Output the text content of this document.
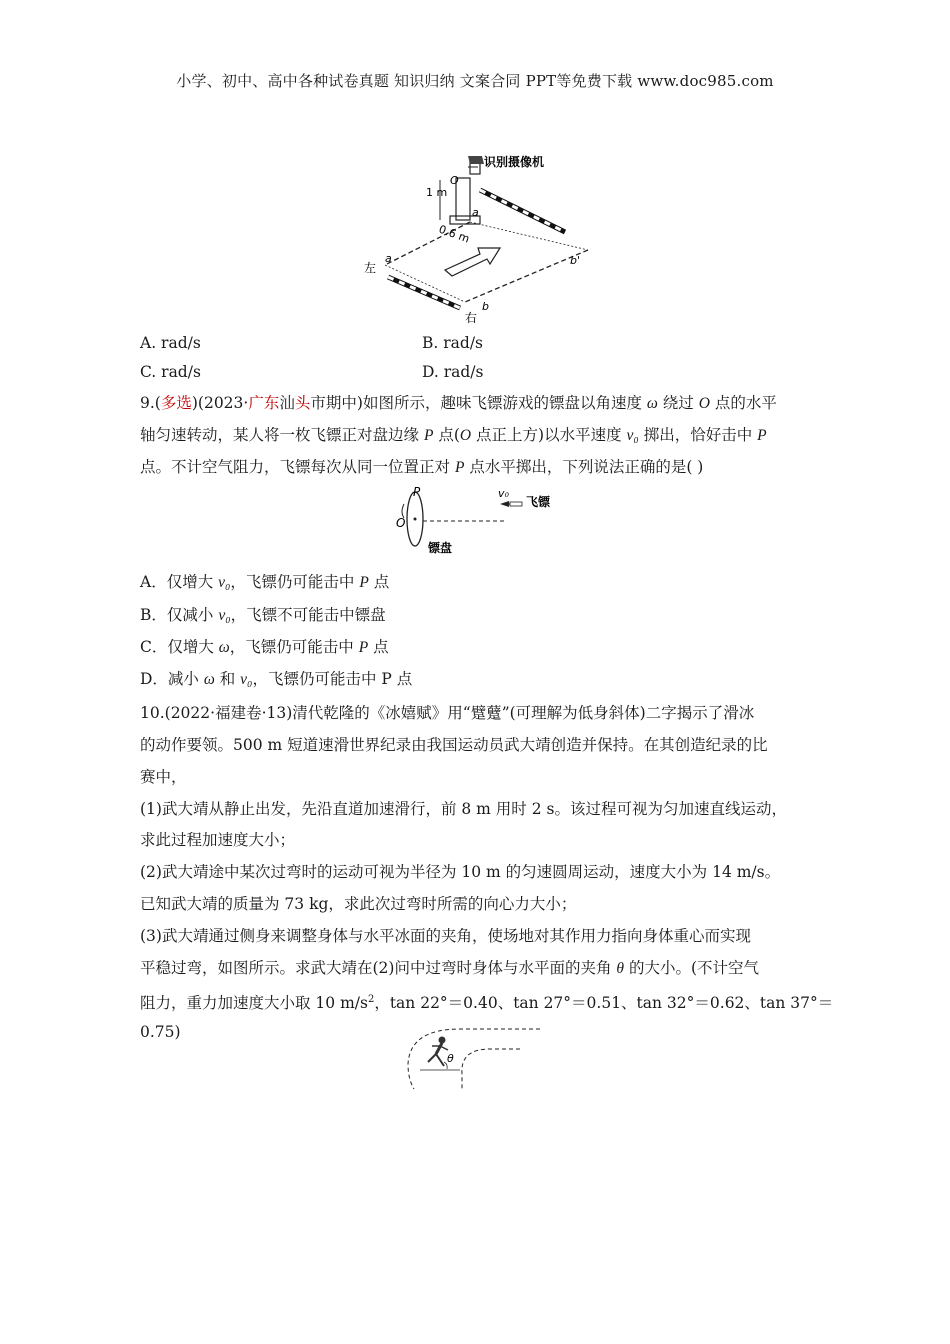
小学、初中、高中各种试卷真题 知识归纳 文案合同 PPT等免费下载 www.doc985.com
识别摄像机
1 m
O
0.6 m
a
a	b'
b
左
右
A. rad/s	B. rad/s
C. rad/s	D. rad/s
9.(多选)(2023·广东汕头市期中)如图所示，趣味飞镖游戏的镖盘以角速度 ω 绕过 O 点的水平
轴匀速转动，某人将一枚飞镖正对盘边缘 P 点(O 点正上方)以水平速度 v₀ 掷出，恰好击中 P
点。不计空气阻力，飞镖每次从同一位置正对 P 点水平掷出，下列说法正确的是( )
P
O
v₀
飞镖
镖盘
A．仅增大 v₀，飞镖仍可能击中 P 点
B．仅减小 v₀，飞镖不可能击中镖盘
C．仅增大 ω，飞镖仍可能击中 P 点
D．减小 ω 和 v₀，飞镖仍可能击中 P 点
10.(2022·福建卷·13)清代乾隆的《冰嬉赋》用“躄躠”(可理解为低身斜体)二字揭示了滑冰
的动作要领。500 m 短道速滑世界纪录由我国运动员武大靖创造并保持。在其创造纪录的比
赛中，
(1)武大靖从静止出发，先沿直道加速滑行，前 8 m 用时 2 s。该过程可视为匀加速直线运动，
求此过程加速度大小；
(2)武大靖途中某次过弯时的运动可视为半径为 10 m 的匀速圆周运动，速度大小为 14 m/s。
已知武大靖的质量为 73 kg，求此次过弯时所需的向心力大小；
(3)武大靖通过侧身来调整身体与水平冰面的夹角，使场地对其作用力指向身体重心而实现
平稳过弯，如图所示。求武大靖在(2)问中过弯时身体与水平面的夹角 θ 的大小。(不计空气
阻力，重力加速度大小取 10 $m/s^2$，tan 22°＝0.40、tan 27°＝0.51、tan 32°＝0.62、tan 37°＝
0.75)
θ
